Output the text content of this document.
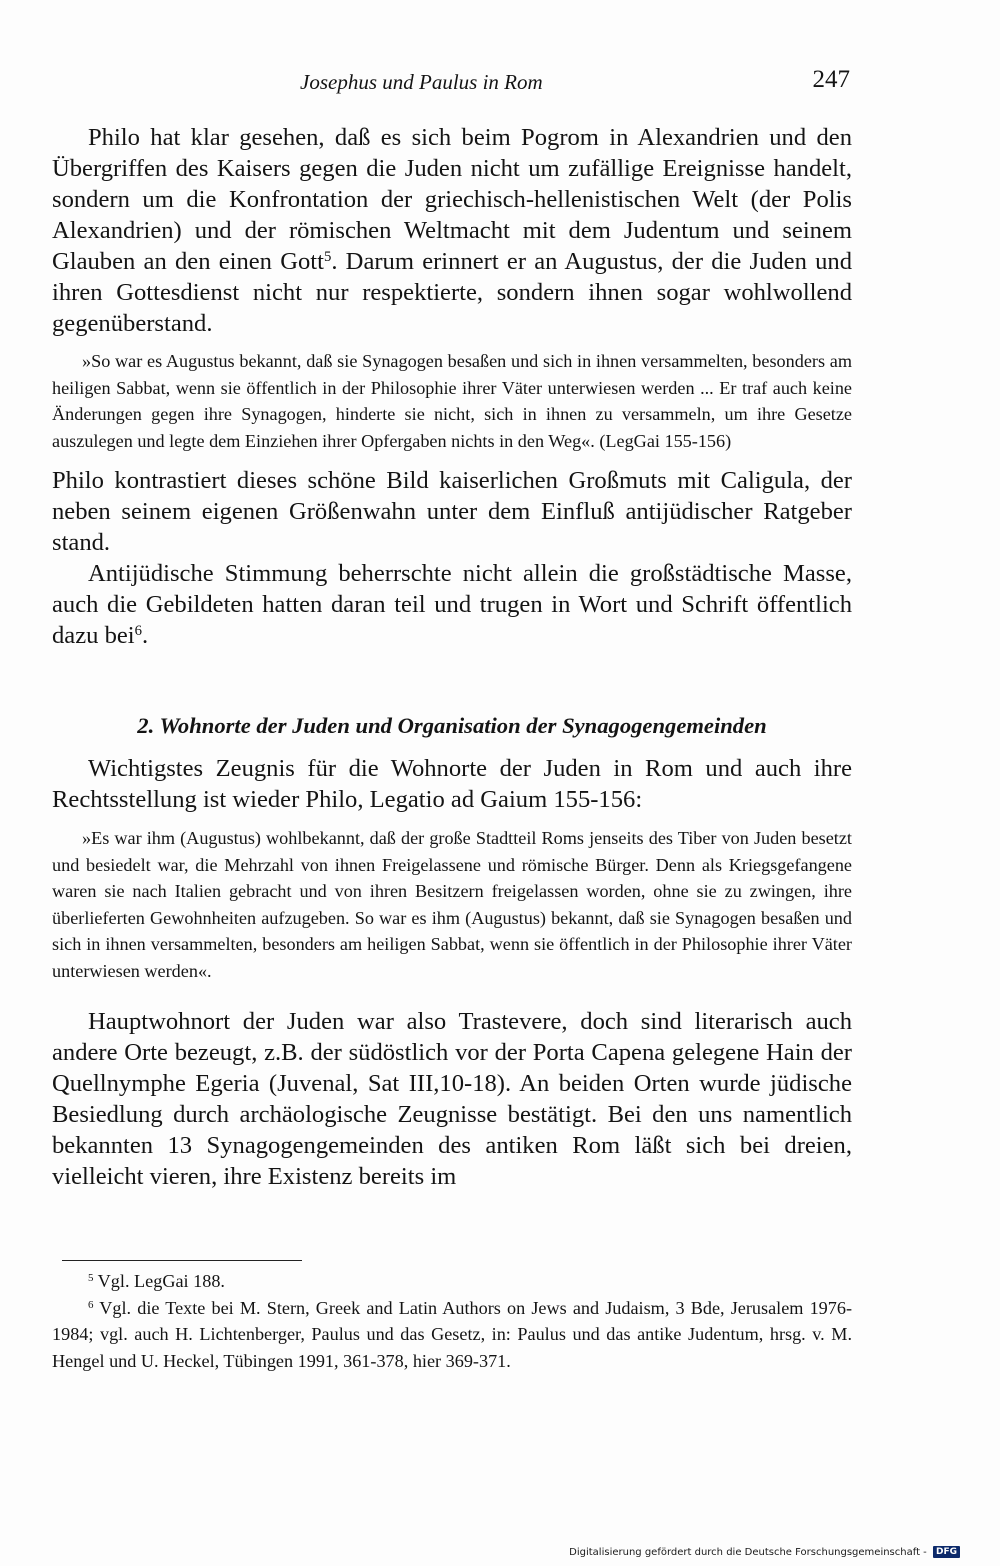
Josephus und Paulus in Rom	247

Philo hat klar gesehen, daß es sich beim Pogrom in Alexandrien und den Übergriffen des Kaisers gegen die Juden nicht um zufällige Ereignisse handelt, sondern um die Konfrontation der griechisch-hellenistischen Welt (der Polis Alexandrien) und der römischen Weltmacht mit dem Judentum und seinem Glauben an den einen Gott$^5$. Darum erinnert er an Augustus, der die Juden und ihren Gottesdienst nicht nur respektierte, sondern ihnen sogar wohlwollend gegenüberstand.

»So war es Augustus bekannt, daß sie Synagogen besaßen und sich in ihnen versammelten, besonders am heiligen Sabbat, wenn sie öffentlich in der Philosophie ihrer Väter unterwiesen werden ... Er traf auch keine Änderungen gegen ihre Synagogen, hinderte sie nicht, sich in ihnen zu versammeln, um ihre Gesetze auszulegen und legte dem Einziehen ihrer Opfergaben nichts in den Weg«. (LegGai 155-156)

Philo kontrastiert dieses schöne Bild kaiserlichen Großmuts mit Caligula, der neben seinem eigenen Größenwahn unter dem Einfluß antijüdischer Ratgeber stand.

Antijüdische Stimmung beherrschte nicht allein die großstädtische Masse, auch die Gebildeten hatten daran teil und trugen in Wort und Schrift öffentlich dazu bei$^6$.

2. Wohnorte der Juden und Organisation der Synagogengemeinden

Wichtigstes Zeugnis für die Wohnorte der Juden in Rom und auch ihre Rechtsstellung ist wieder Philo, Legatio ad Gaium 155-156:

»Es war ihm (Augustus) wohlbekannt, daß der große Stadtteil Roms jenseits des Tiber von Juden besetzt und besiedelt war, die Mehrzahl von ihnen Freigelassene und römische Bürger. Denn als Kriegsgefangene waren sie nach Italien gebracht und von ihren Besitzern freigelassen worden, ohne sie zu zwingen, ihre überlieferten Gewohnheiten aufzugeben. So war es ihm (Augustus) bekannt, daß sie Synagogen besaßen und sich in ihnen versammelten, besonders am heiligen Sabbat, wenn sie öffentlich in der Philosophie ihrer Väter unterwiesen werden«.

Hauptwohnort der Juden war also Trastevere, doch sind literarisch auch andere Orte bezeugt, z.B. der südöstlich vor der Porta Capena gelegene Hain der Quellnymphe Egeria (Juvenal, Sat III,10-18). An beiden Orten wurde jüdische Besiedlung durch archäologische Zeugnisse bestätigt. Bei den uns namentlich bekannten 13 Synagogengemeinden des antiken Rom läßt sich bei dreien, vielleicht vieren, ihre Existenz bereits im

$^5$ Vgl. LegGai 188.

$^6$ Vgl. die Texte bei M. Stern, Greek and Latin Authors on Jews and Judaism, 3 Bde, Jerusalem 1976-1984; vgl. auch H. Lichtenberger, Paulus und das Gesetz, in: Paulus und das antike Judentum, hrsg. v. M. Hengel und U. Heckel, Tübingen 1991, 361-378, hier 369-371.

Digitalisierung gefördert durch die Deutsche Forschungsgemeinschaft - DFG
